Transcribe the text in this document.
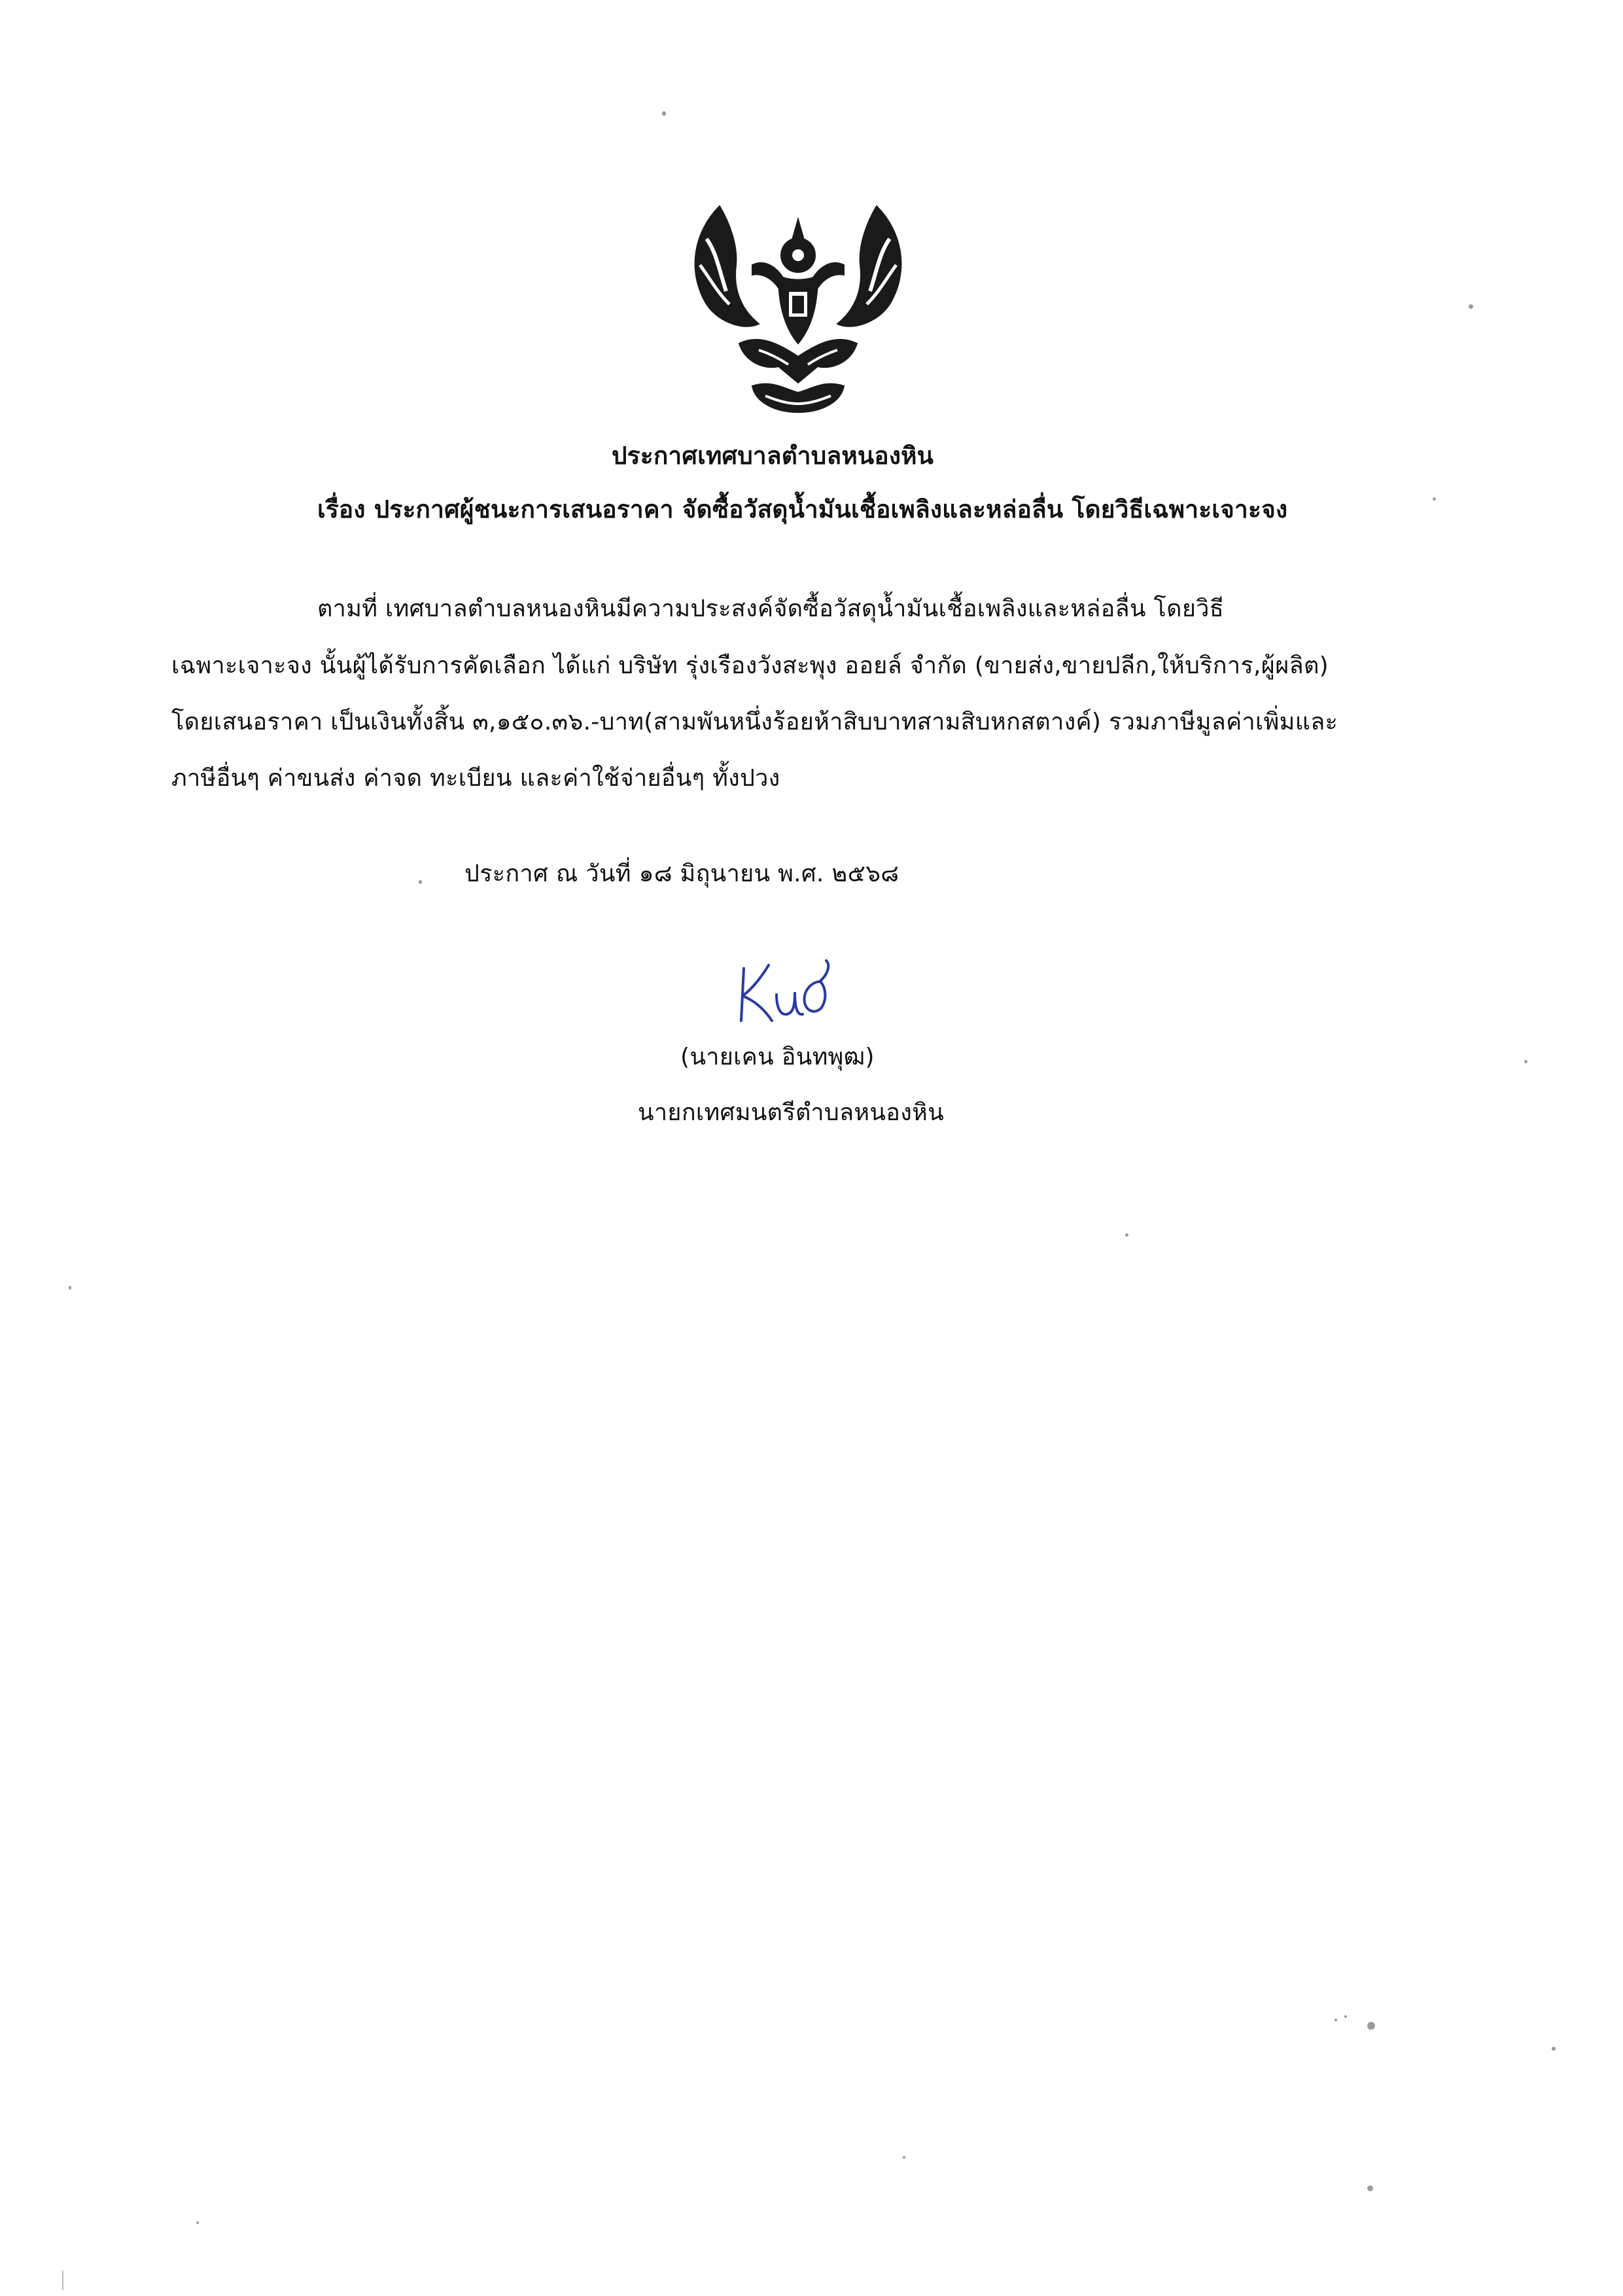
ประกาศเทศบาลตำบลหนองหิน
เรื่อง ประกาศผู้ชนะการเสนอราคา จัดซื้อวัสดุน้ำมันเชื้อเพลิงและหล่อลื่น โดยวิธีเฉพาะเจาะจง
ตามที่ เทศบาลตำบลหนองหินมีความประสงค์จัดซื้อวัสดุน้ำมันเชื้อเพลิงและหล่อลื่น โดยวิธี
เฉพาะเจาะจง นั้นผู้ได้รับการคัดเลือก ได้แก่ บริษัท รุ่งเรืองวังสะพุง ออยล์ จำกัด (ขายส่ง,ขายปลีก,ให้บริการ,ผู้ผลิต)
โดยเสนอราคา เป็นเงินทั้งสิ้น ๓,๑๕๐.๓๖.-บาท(สามพันหนึ่งร้อยห้าสิบบาทสามสิบหกสตางค์) รวมภาษีมูลค่าเพิ่มและ
ภาษีอื่นๆ ค่าขนส่ง ค่าจด ทะเบียน และค่าใช้จ่ายอื่นๆ ทั้งปวง
ประกาศ ณ วันที่ ๑๘ มิถุนายน พ.ศ. ๒๕๖๘
(นายเคน อินทพุฒ)
นายกเทศมนตรีตำบลหนองหิน
